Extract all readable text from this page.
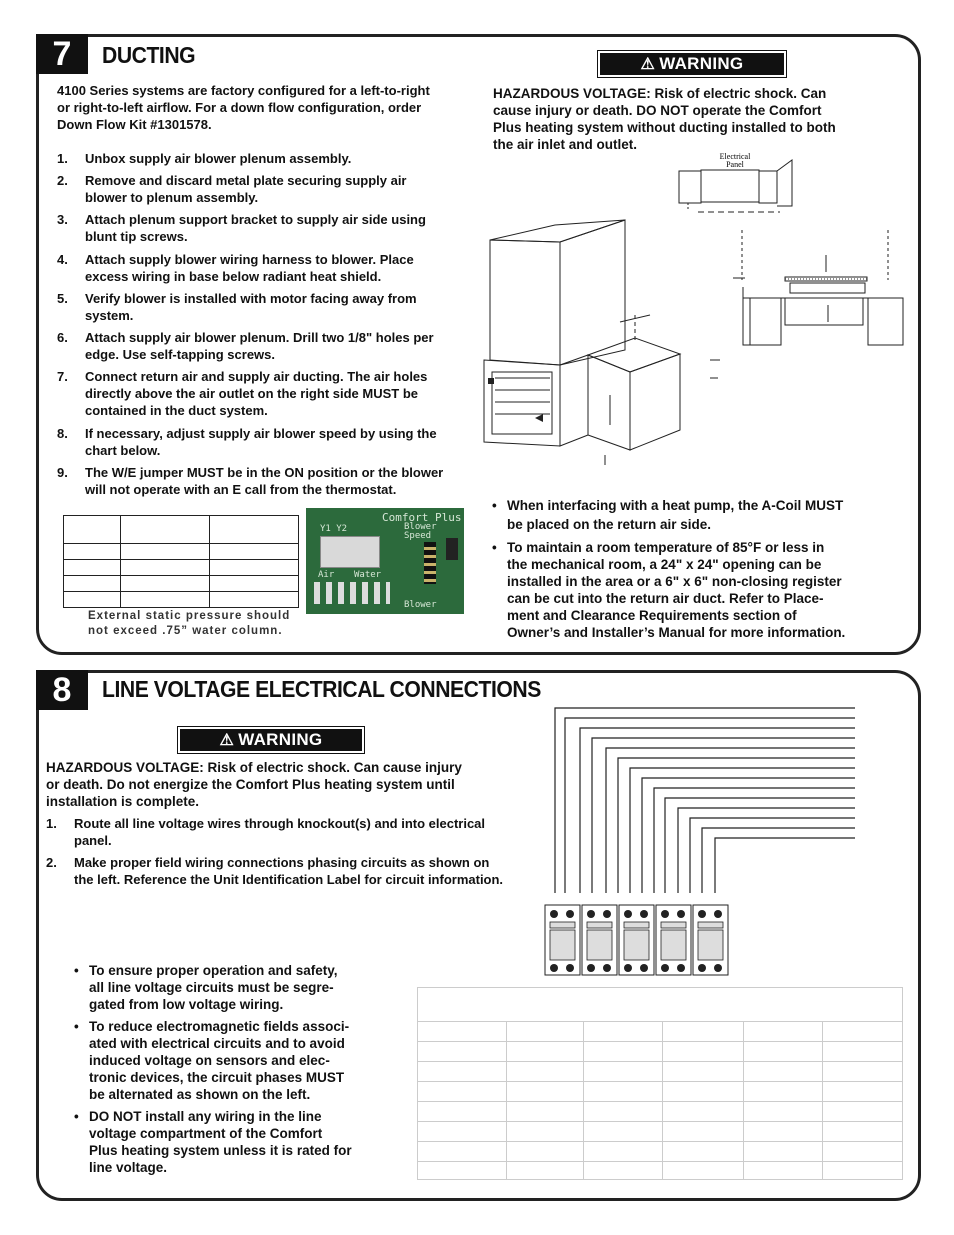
7	DUCTING
4100 Series systems are factory configured for a left-to-right
or right-to-left airflow. For a down flow configuration, order
Down Flow Kit #1301578.
1. Unbox supply air blower plenum assembly.
2. Remove and discard metal plate securing supply air
blower to plenum assembly.
3. Attach plenum support bracket to supply air side using
blunt tip screws.
4. Attach supply blower wiring harness to blower. Place
excess wiring in base below radiant heat shield.
5. Verify blower is installed with motor facing away from
system.
6. Attach supply air blower plenum. Drill two 1/8" holes per
edge. Use self-tapping screws.
7. Connect return air and supply air ducting. The air holes
directly above the air outlet on the right side MUST be
contained in the duct system.
8. If necessary, adjust supply air blower speed by using the
chart below.
9. The W/E jumper MUST be in the ON position or the blower
will not operate with an E call from the thermostat.

External static pressure should
not exceed .75” water column.
Comfort Plus
Blower
Speed
Y1 Y2
Air Water
Blower
⚠ WARNING
HAZARDOUS VOLTAGE: Risk of electric shock. Can
cause injury or death. DO NOT operate the Comfort
Plus heating system without ducting installed to both
the air inlet and outlet.
Electrical
Panel
• When interfacing with a heat pump, the A-Coil MUST
be placed on the return air side.
• To maintain a room temperature of 85°F or less in
the mechanical room, a 24" x 24" opening can be
installed in the area or a 6" x 6" non-closing register
can be cut into the return air duct. Refer to Place-
ment and Clearance Requirements section of
Owner’s and Installer’s Manual for more information.
8	LINE VOLTAGE ELECTRICAL CONNECTIONS
⚠ WARNING
HAZARDOUS VOLTAGE: Risk of electric shock. Can cause injury
or death. Do not energize the Comfort Plus heating system until
installation is complete.
1. Route all line voltage wires through knockout(s) and into electrical
panel.
2. Make proper field wiring connections phasing circuits as shown on
the left. Reference the Unit Identification Label for circuit information.

• To ensure proper operation and safety,
all line voltage circuits must be segre-
gated from low voltage wiring.
• To reduce electromagnetic fields associ-
ated with electrical circuits and to avoid
induced voltage on sensors and elec-
tronic devices, the circuit phases MUST
be alternated as shown on the left.
• DO NOT install any wiring in the line
voltage compartment of the Comfort
Plus heating system unless it is rated for
line voltage.
